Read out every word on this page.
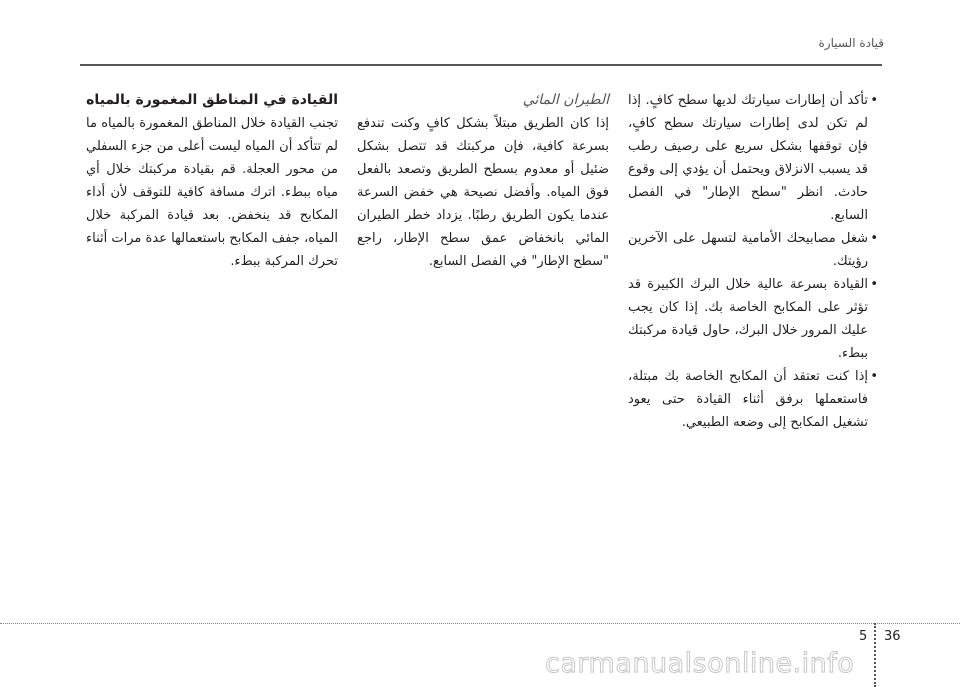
قيادة السيارة
• تأكد أن إطارات سيارتك لديها سطح كافٍ. إذا لم تكن لدى إطارات سيارتك سطح كافٍ، فإن توقفها بشكل سريع على رصيف رطب قد يسبب الانزلاق ويحتمل أن يؤدي إلى وقوع حادث. انظر "سطح الإطار" في الفصل السابع.
• شغل مصابيحك الأمامية لتسهل على الآخرين رؤيتك.
• القيادة بسرعة عالية خلال البرك الكبيرة قد تؤثر على المكابح الخاصة بك. إذا كان يجب عليك المرور خلال البرك، حاول قيادة مركبتك ببطء.
• إذا كنت تعتقد أن المكابح الخاصة بك مبتلة، فاستعملها برفق أثناء القيادة حتى يعود تشغيل المكابح إلى وضعه الطبيعي.
الطيران المائي

إذا كان الطريق مبتلاً بشكل كافٍ وكنت تندفع بسرعة كافية، فإن مركبتك قد تتصل بشكل ضئيل أو معدوم بسطح الطريق وتصعد بالفعل فوق المياه. وأفضل نصيحة هي خفض السرعة عندما يكون الطريق رطبًا. يزداد خطر الطيران المائي بانخفاض عمق سطح الإطار، راجع "سطح الإطار" في الفصل السابع.

القيادة في المناطق المغمورة بالمياه

تجنب القيادة خلال المناطق المغمورة بالمياه ما لم تتأكد أن المياه ليست أعلى من جزء السفلي من محور العجلة. قم بقيادة مركبتك خلال أي مياه ببطء. اترك مسافة كافية للتوقف لأن أداء المكابح قد ينخفض. بعد قيادة المركبة خلال المياه، جفف المكابح باستعمالها عدة مرات أثناء تحرك المركبة ببطء.

5 36
carmanualsonline.info
